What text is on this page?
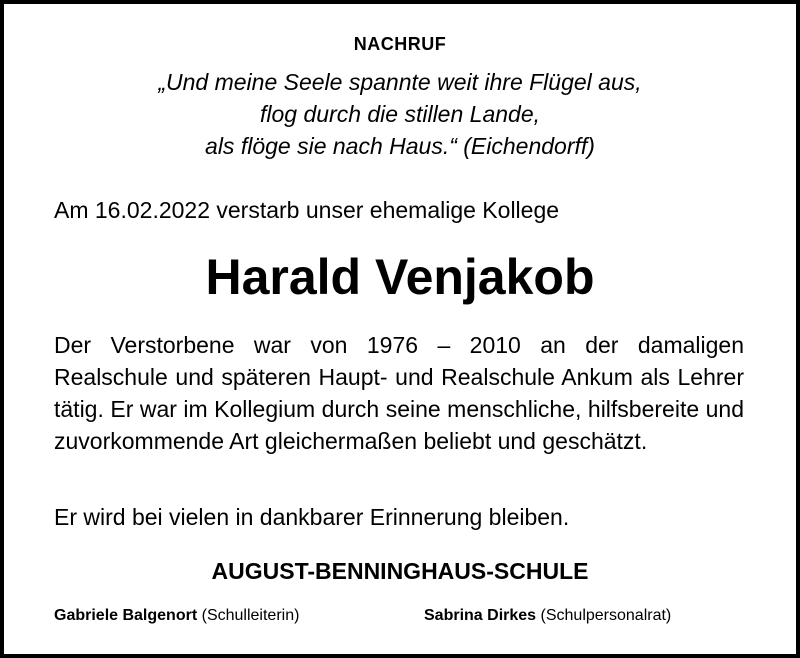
NACHRUF
„Und meine Seele spannte weit ihre Flügel aus,
flog durch die stillen Lande,
als flöge sie nach Haus.“ (Eichendorff)
Am 16.02.2022 verstarb unser ehemalige Kollege
Harald Venjakob
Der Verstorbene war von 1976 – 2010 an der damaligen Realschule und späteren Haupt- und Realschule Ankum als Lehrer tätig. Er war im Kollegium durch seine menschliche, hilfsbereite und zuvorkommende Art gleichermaßen beliebt und geschätzt.
Er wird bei vielen in dankbarer Erinnerung bleiben.
AUGUST-BENNINGHAUS-SCHULE
Gabriele Balgenort (Schulleiterin)	Sabrina Dirkes (Schulpersonalrat)
